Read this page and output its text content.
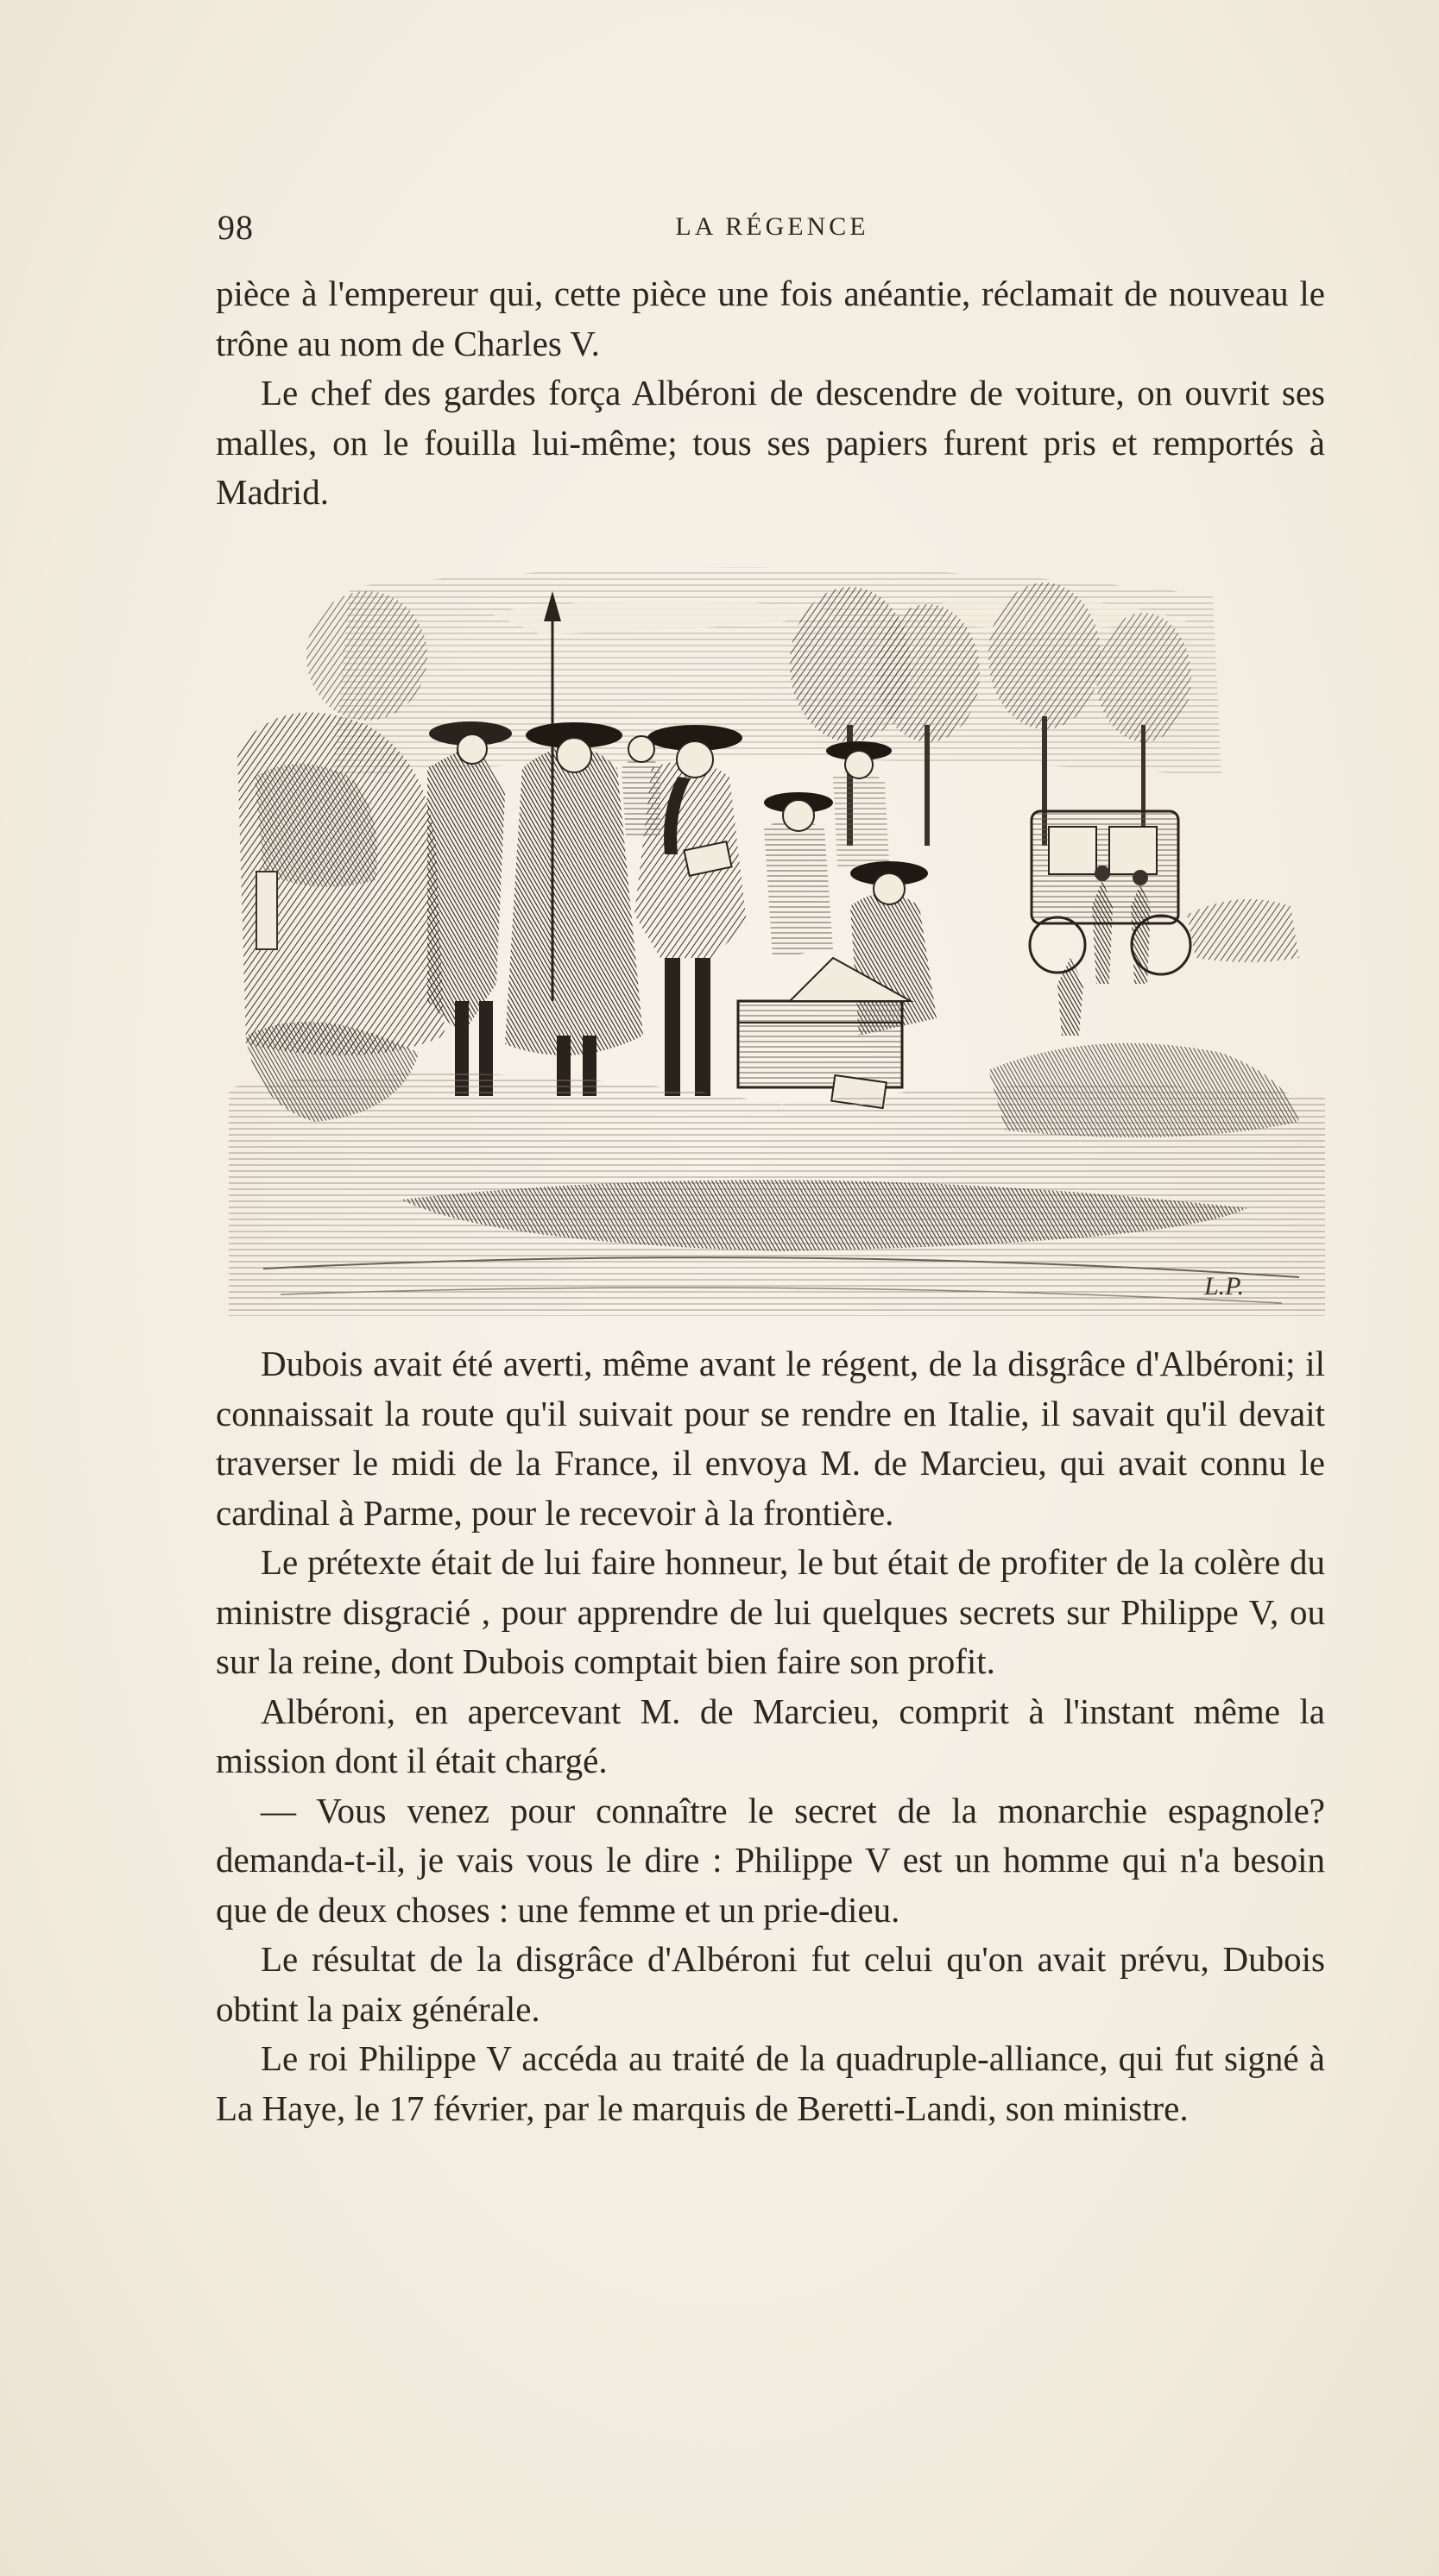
98	LA RÉGENCE

pièce à l'empereur qui, cette pièce une fois anéantie, réclamait de nouveau le trône au nom de Charles V.

Le chef des gardes força Albéroni de descendre de voiture, on ouvrit ses malles, on le fouilla lui-même; tous ses papiers furent pris et remportés à Madrid.

L.P.

Dubois avait été averti, même avant le régent, de la disgrâce d'Albéroni; il connaissait la route qu'il suivait pour se rendre en Italie, il savait qu'il devait traverser le midi de la France, il envoya M. de Marcieu, qui avait connu le cardinal à Parme, pour le recevoir à la frontière.

Le prétexte était de lui faire honneur, le but était de profiter de la colère du ministre disgracié , pour apprendre de lui quelques secrets sur Philippe V, ou sur la reine, dont Dubois comptait bien faire son profit.

Albéroni, en apercevant M. de Marcieu, comprit à l'instant même la mission dont il était chargé.

— Vous venez pour connaître le secret de la monarchie espagnole? demanda-t-il, je vais vous le dire : Philippe V est un homme qui n'a besoin que de deux choses : une femme et un prie-dieu.

Le résultat de la disgrâce d'Albéroni fut celui qu'on avait prévu, Dubois obtint la paix générale.

Le roi Philippe V accéda au traité de la quadruple-alliance, qui fut signé à La Haye, le 17 février, par le marquis de Beretti-Landi, son ministre.
